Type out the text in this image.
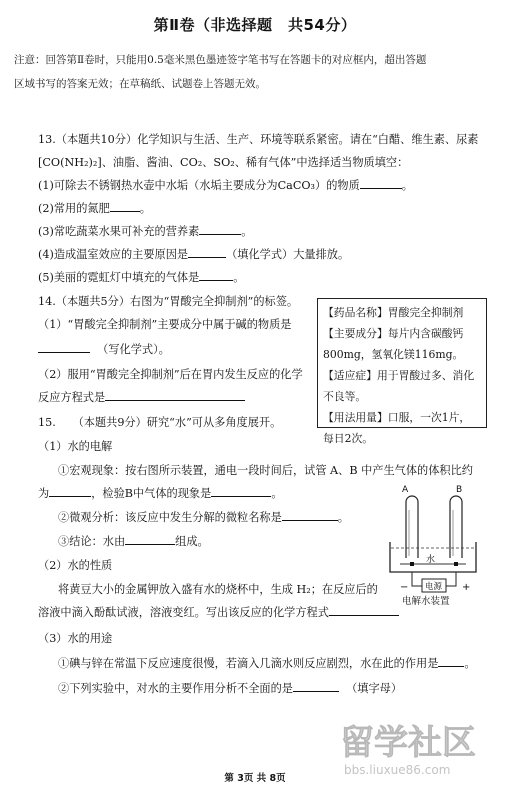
第Ⅱ卷（非选择题　共54分）
注意：回答第Ⅱ卷时，只能用0.5毫米黑色墨迹签字笔书写在答题卡的对应框内，超出答题
区域书写的答案无效；在草稿纸、试题卷上答题无效。
13.（本题共10分）化学知识与生活、生产、环境等联系紧密。请在“白醋、维生素、尿素
[CO(NH₂)₂]、油脂、酱油、CO₂、SO₂、稀有气体”中选择适当物质填空：
(1)可除去不锈钢热水壶中水垢（水垢主要成分为CaCO₃）的物质	。
(2)常用的氮肥	。
(3)常吃蔬菜水果可补充的营养素	。
(4)造成温室效应的主要原因是	（填化学式）大量排放。
(5)美丽的霓虹灯中填充的气体是	。
14.（本题共5分）右图为“胃酸完全抑制剂”的标签。
（1）“胃酸完全抑制剂”主要成分中属于碱的物质是
（写化学式）。
（2）服用“胃酸完全抑制剂”后在胃内发生反应的化学
反应方程式是
【药品名称】胃酸完全抑制剂
【主要成分】每片内含碳酸钙
800mg，氢氧化镁116mg。
【适应症】用于胃酸过多、消化
不良等。
【用法用量】口服，一次1片，
每日2次。
15.　　（本题共9分）研究“水”可从多角度展开。
（1）水的电解
①宏观现象：按右图所示装置，通电一段时间后，试管 A、B 中产生气体的体积比约
为	，检验B中气体的现象是	。
②微观分析：该反应中发生分解的微粒名称是	。
③结论：水由	组成。
（2）水的性质
将黄豆大小的金属钾放入盛有水的烧杯中，生成 H₂；在反应后的
溶液中滴入酚酞试液，溶液变红。写出该反应的化学方程式
（3）水的用途
①碘与锌在常温下反应速度很慢，若滴入几滴水则反应剧烈，水在此的作用是 。
②下列实验中，对水的主要作用分析不全面的是	（填字母）
A	B
水
电源
−	+
电解水装置
留学社区
bbs.liuxue86.com
第 3页 共 8页
